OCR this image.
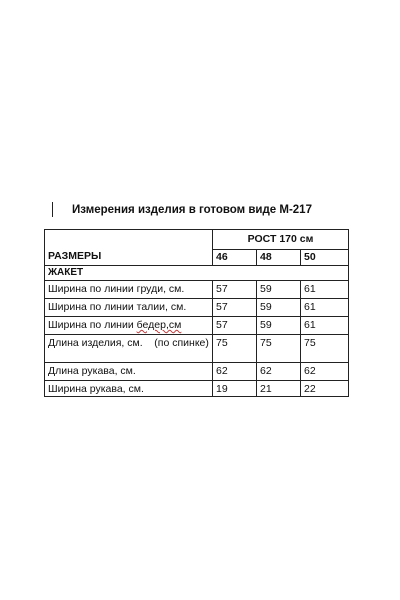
Измерения изделия в готовом виде М-217
РАЗМЕРЫ	РОСТ 170 см		
	46	48	50
ЖАКЕТ			
Ширина по линии груди, см.	57	59	61
Ширина по линии талии, см.	57	59	61
Ширина по линии бедер,см	57	59	61
Длина изделия, см.    (по спинке)	75	75	75
Длина рукава, см.	62	62	62
Ширина рукава, см.	19	21	22
